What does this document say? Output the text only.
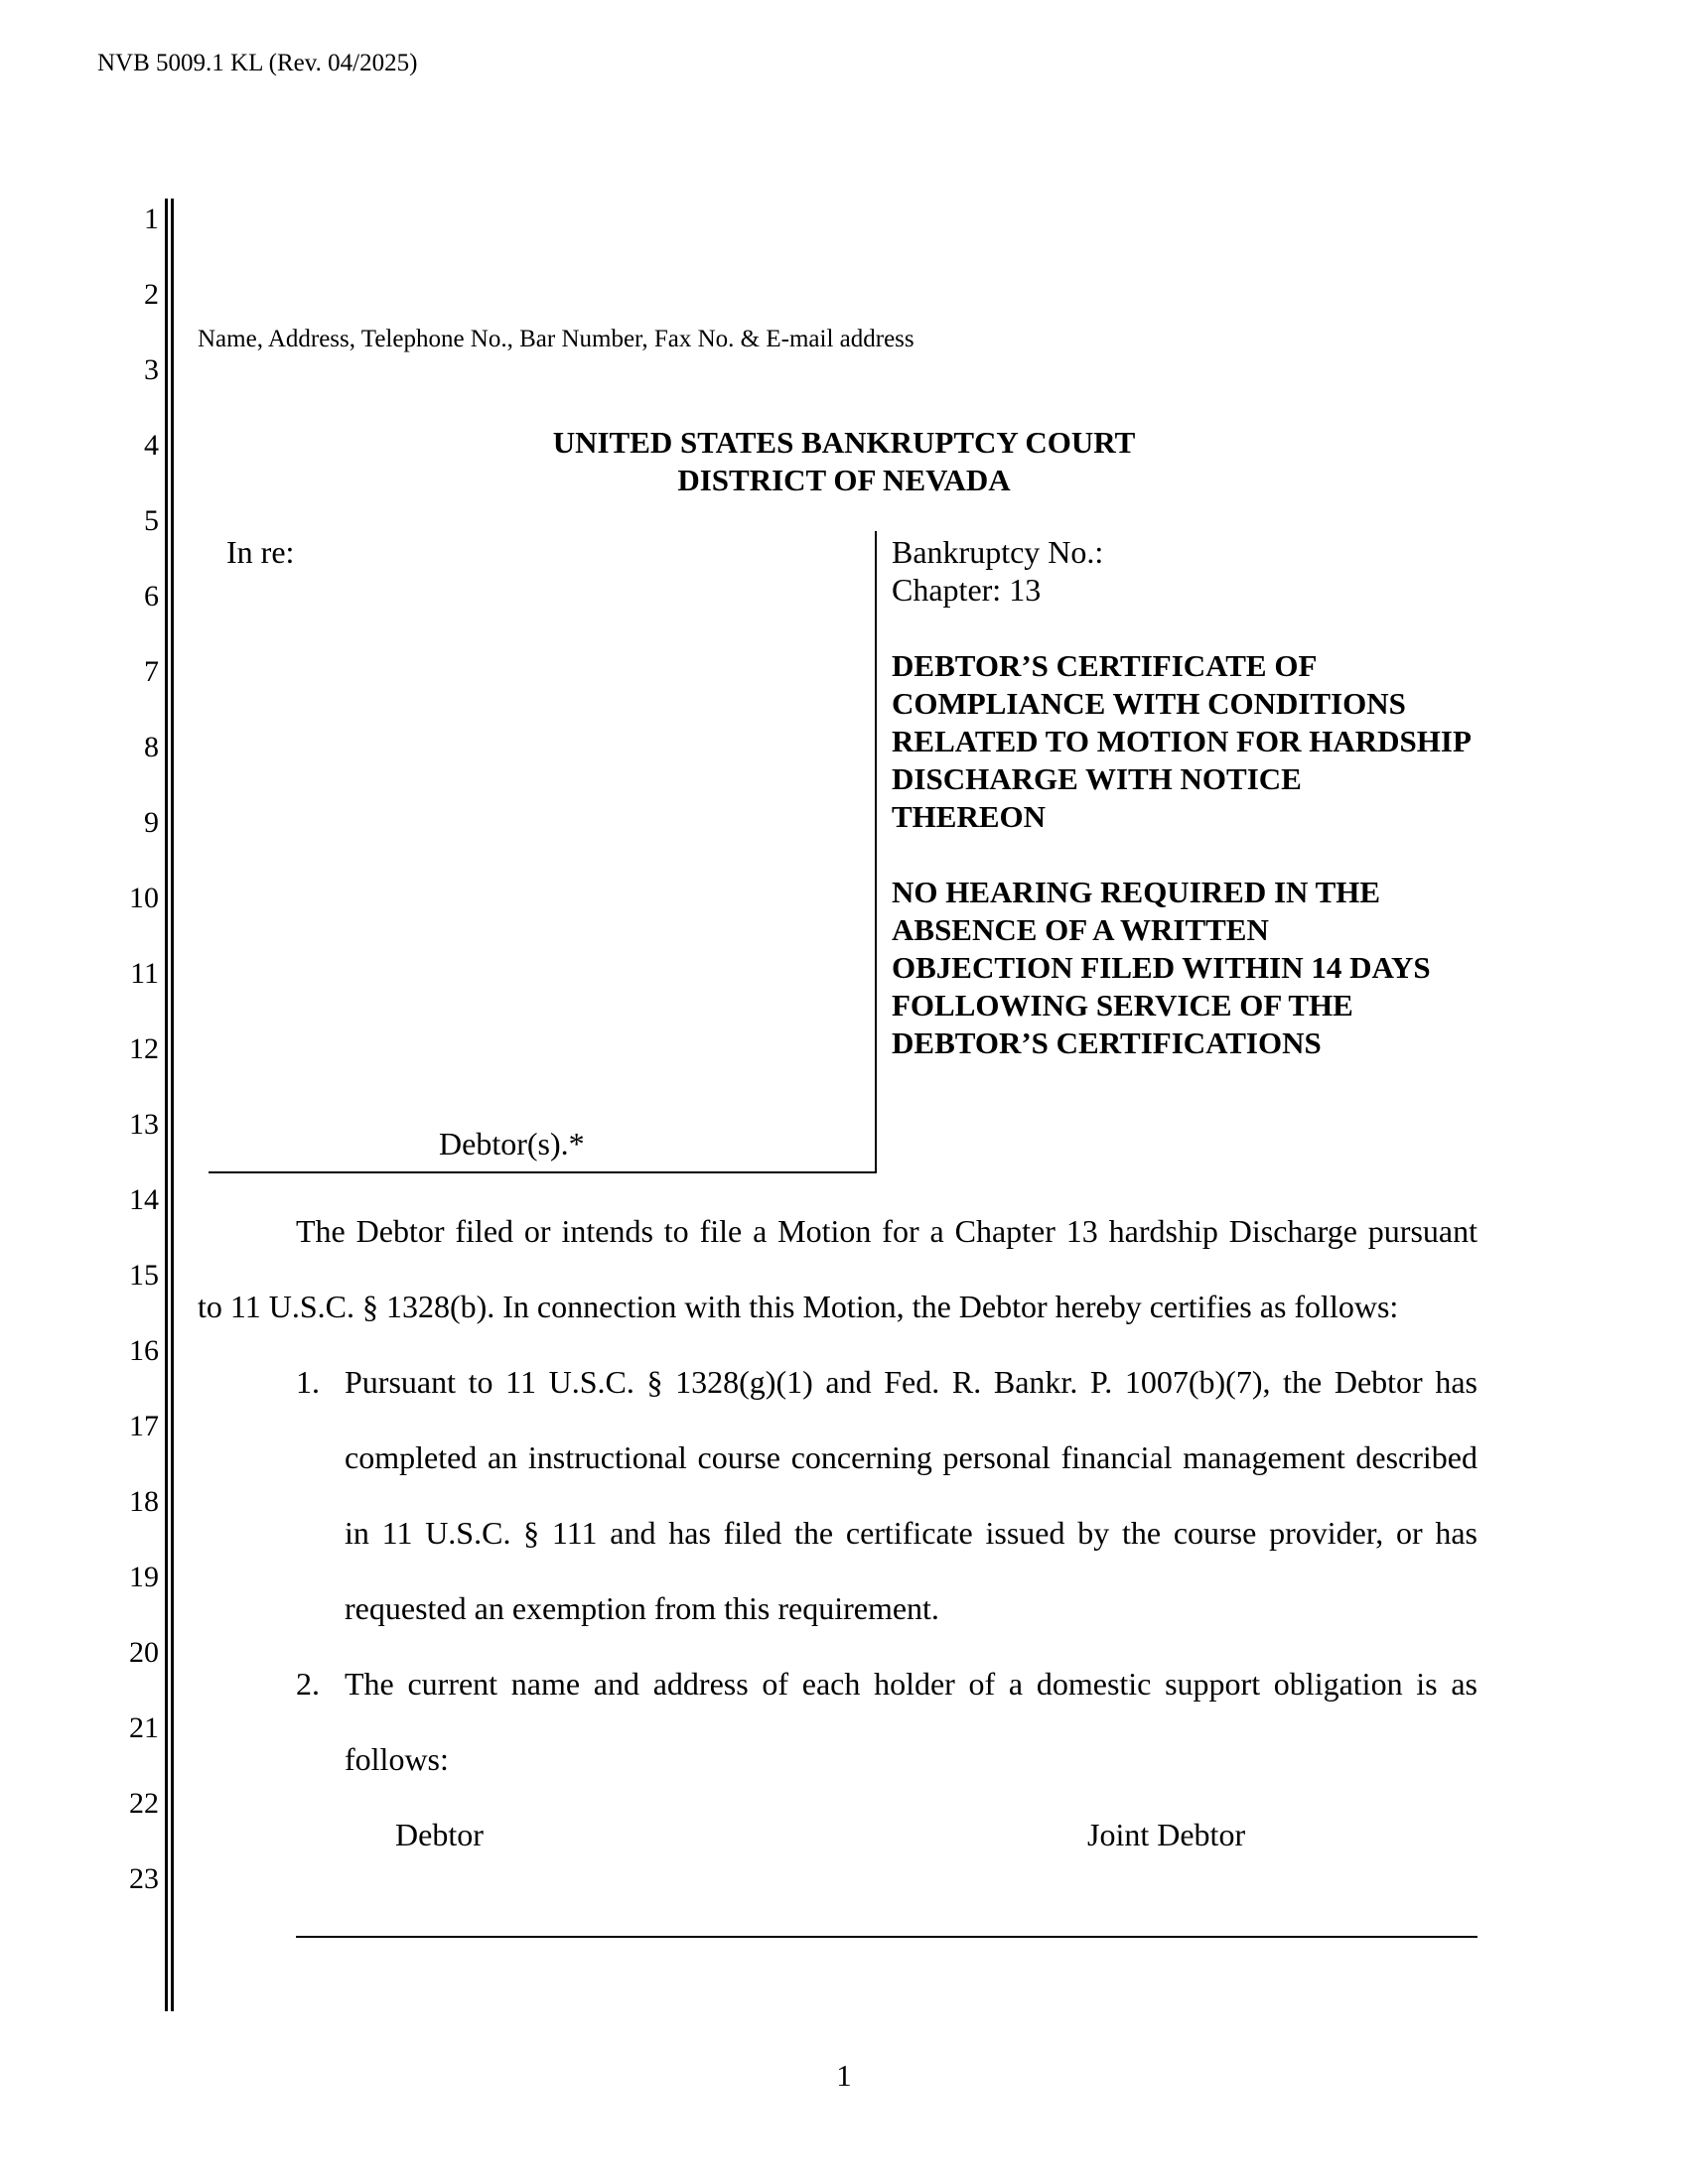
NVB 5009.1 KL (Rev. 04/2025)
1
2
3
4
5
6
7
8
9
10
11
12
13
14
15
16
17
18
19
20
21
22
23
Name, Address, Telephone No., Bar Number, Fax No. & E-mail address
UNITED STATES BANKRUPTCY COURT
DISTRICT OF NEVADA
In re:
Debtor(s).*
Bankruptcy No.:
Chapter: 13
DEBTOR’S CERTIFICATE OF
COMPLIANCE WITH CONDITIONS
RELATED TO MOTION FOR HARDSHIP
DISCHARGE WITH NOTICE
THEREON
NO HEARING REQUIRED IN THE
ABSENCE OF A WRITTEN
OBJECTION FILED WITHIN 14 DAYS
FOLLOWING SERVICE OF THE
DEBTOR’S CERTIFICATIONS
The Debtor filed or intends to file a Motion for a Chapter 13 hardship Discharge pursuant
to 11 U.S.C. § 1328(b). In connection with this Motion, the Debtor hereby certifies as follows:
1. Pursuant to 11 U.S.C. § 1328(g)(1) and Fed. R. Bankr. P. 1007(b)(7), the Debtor has
completed an instructional course concerning personal financial management described
in 11 U.S.C. § 111 and has filed the certificate issued by the course provider, or has
requested an exemption from this requirement.
2. The current name and address of each holder of a domestic support obligation is as
follows:
Debtor	Joint Debtor
1
